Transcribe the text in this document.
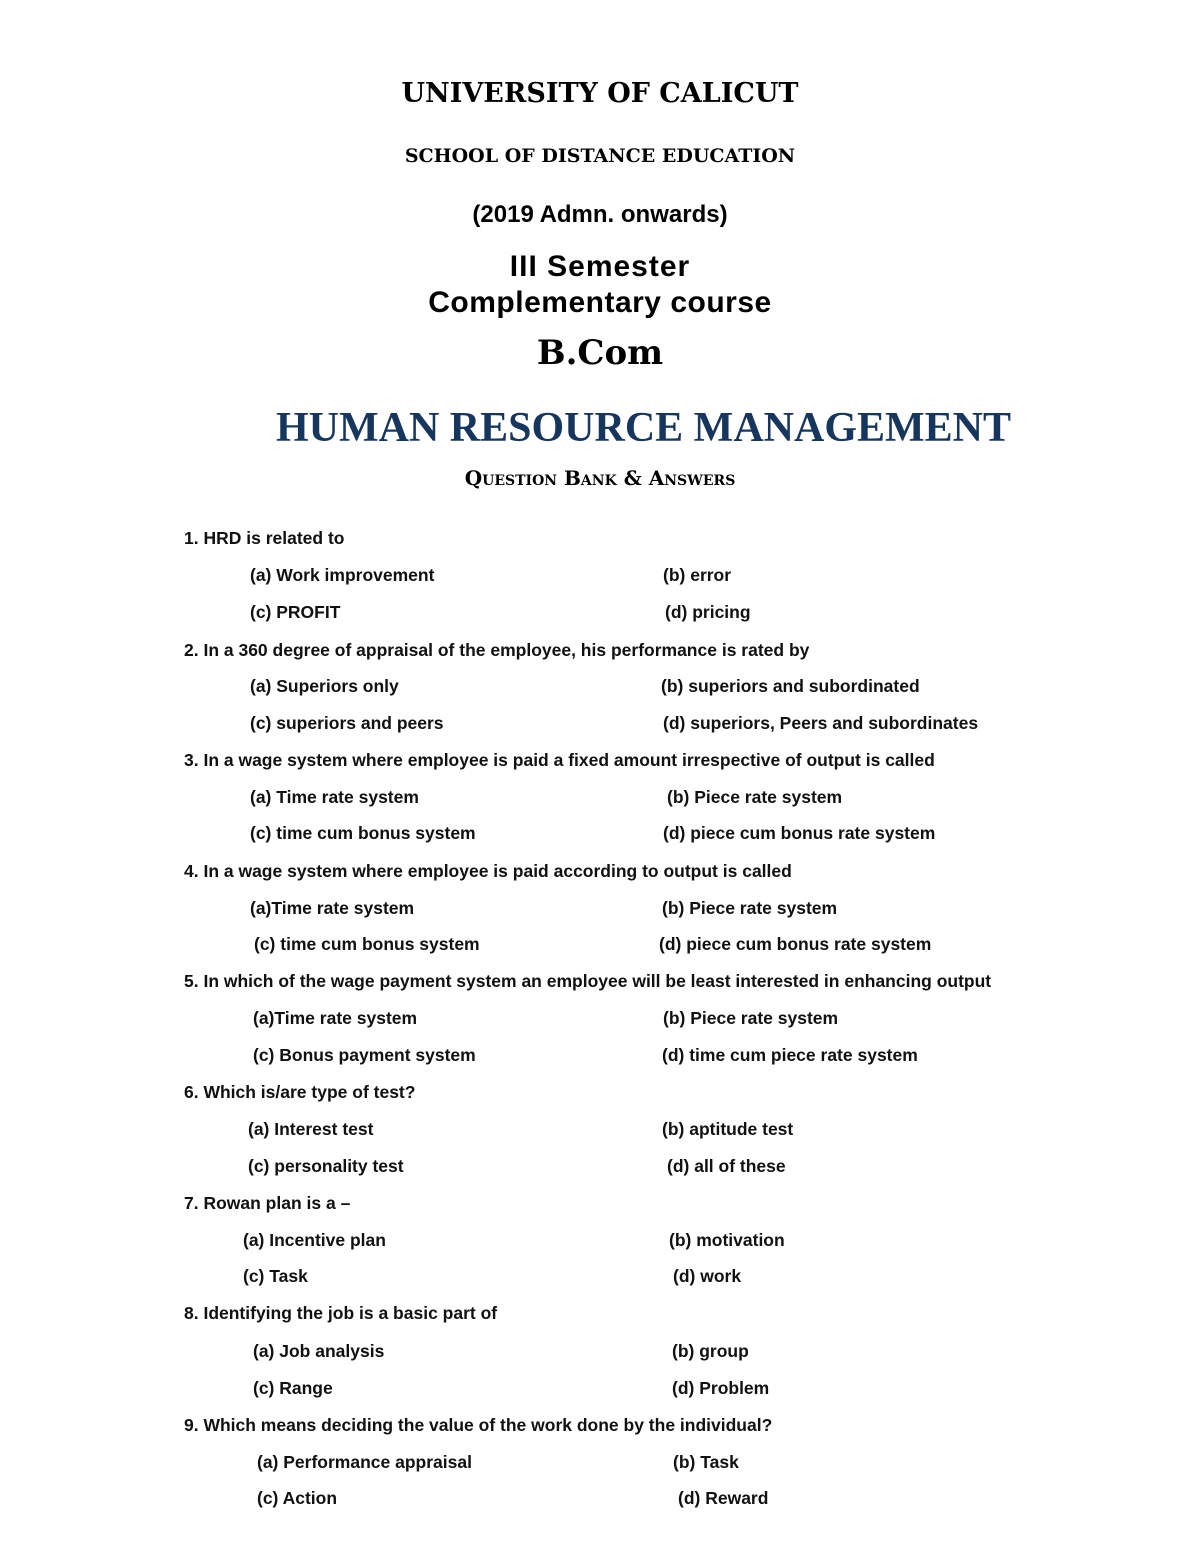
UNIVERSITY OF CALICUT
SCHOOL OF DISTANCE EDUCATION
(2019 Admn. onwards)
III Semester
Complementary course
B.Com
HUMAN RESOURCE MANAGEMENT
Question Bank & Answers
1. HRD is related to
(a) Work improvement	(b) error
(c) PROFIT	(d) pricing
2. In a 360 degree of appraisal of the employee, his performance is rated by
(a) Superiors only	(b) superiors and subordinated
(c) superiors and peers	(d) superiors, Peers and subordinates
3. In a wage system where employee is paid a fixed amount irrespective of output is called
(a) Time rate system	(b) Piece rate system
(c) time cum bonus system	(d) piece cum bonus rate system
4. In a wage system where employee is paid according to output is called
(a)Time rate system	(b) Piece rate system
(c) time cum bonus system	(d) piece cum bonus rate system
5. In which of the wage payment system an employee will be least interested in enhancing output
(a)Time rate system	(b) Piece rate system
(c) Bonus payment system	(d) time cum piece rate system
6. Which is/are type of test?
(a) Interest test	(b) aptitude test
(c) personality test	(d) all of these
7. Rowan plan is a –
(a) Incentive plan	(b) motivation
(c) Task	(d) work
8. Identifying the job is a basic part of
(a) Job analysis	(b) group
(c) Range	(d) Problem
9. Which means deciding the value of the work done by the individual?
(a) Performance appraisal	(b) Task
(c) Action	(d) Reward
